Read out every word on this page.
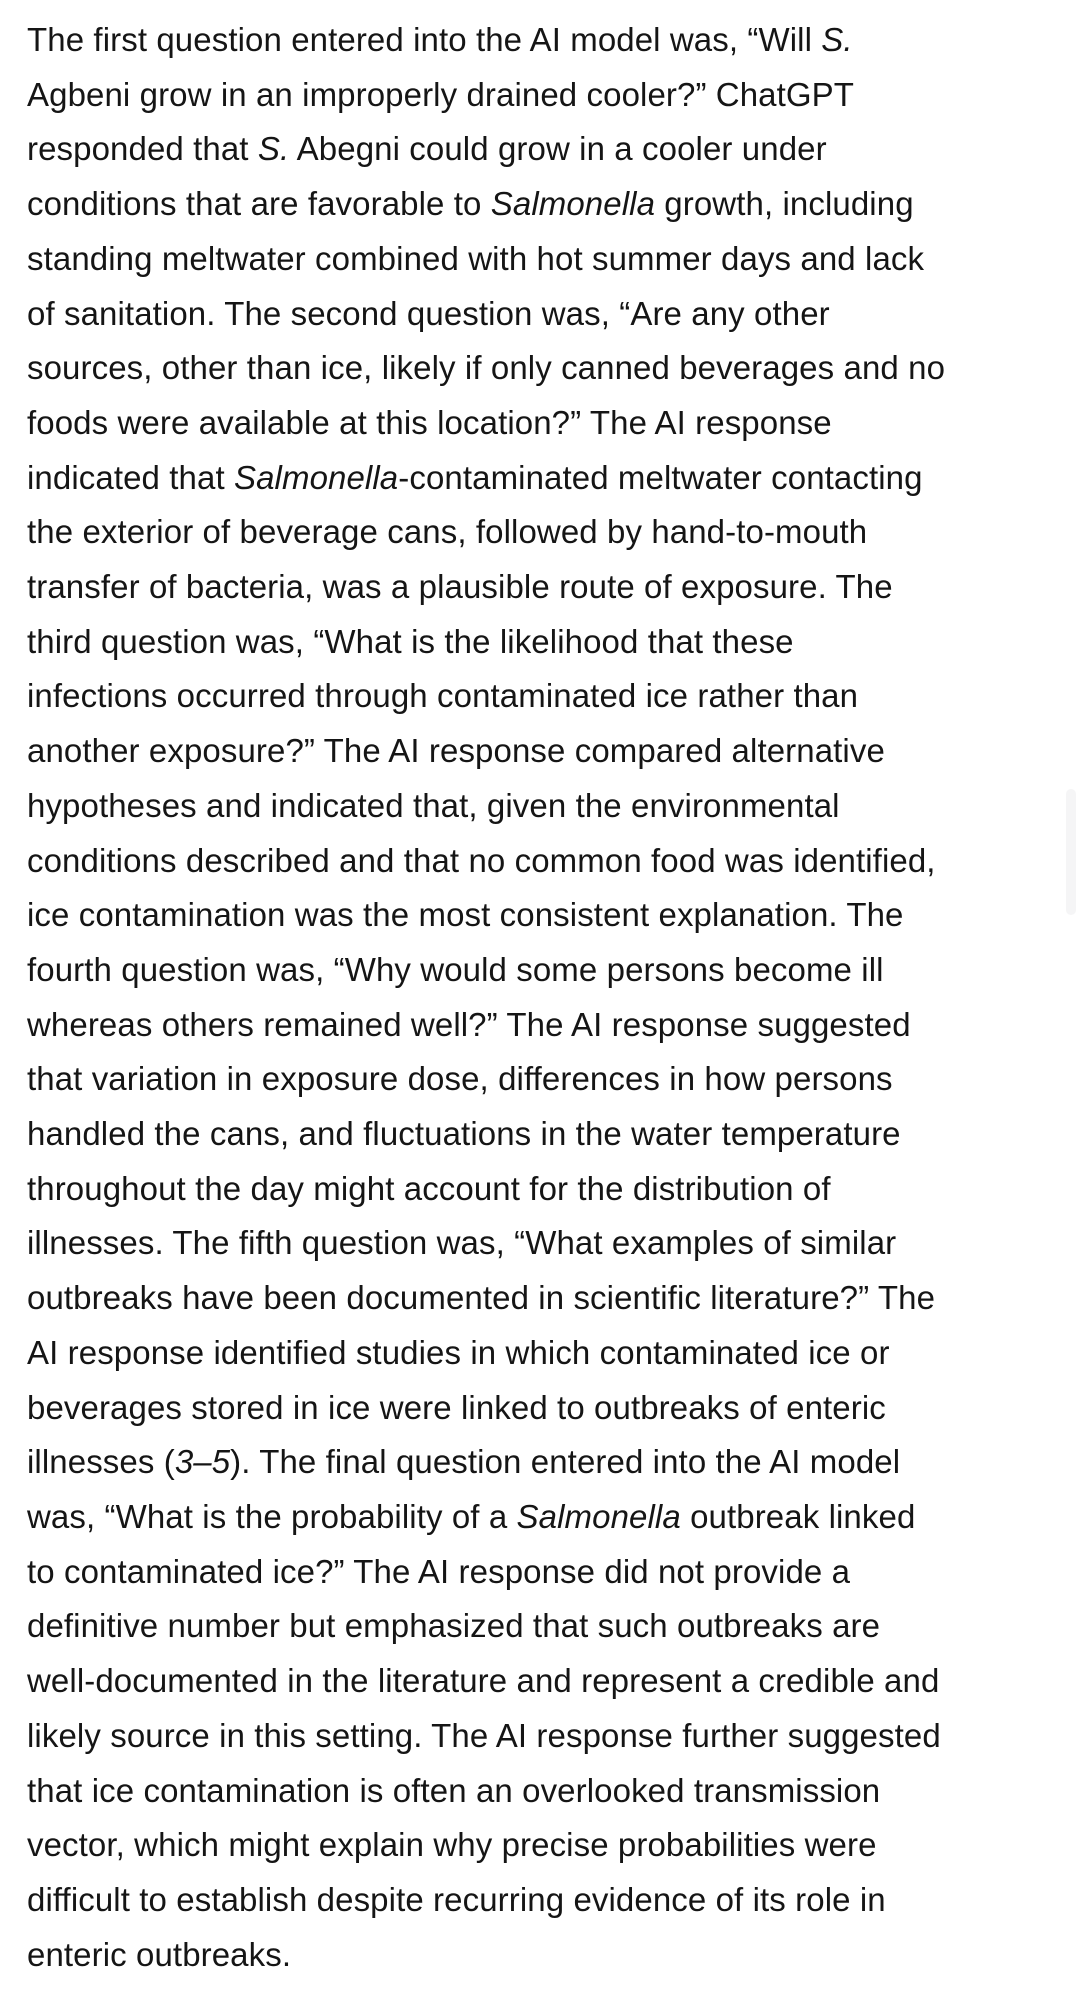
The first question entered into the AI model was, “Will S.
Agbeni grow in an improperly drained cooler?” ChatGPT
responded that S. Abegni could grow in a cooler under
conditions that are favorable to Salmonella growth, including
standing meltwater combined with hot summer days and lack
of sanitation. The second question was, “Are any other
sources, other than ice, likely if only canned beverages and no
foods were available at this location?” The AI response
indicated that Salmonella-contaminated meltwater contacting
the exterior of beverage cans, followed by hand-to-mouth
transfer of bacteria, was a plausible route of exposure. The
third question was, “What is the likelihood that these
infections occurred through contaminated ice rather than
another exposure?” The AI response compared alternative
hypotheses and indicated that, given the environmental
conditions described and that no common food was identified,
ice contamination was the most consistent explanation. The
fourth question was, “Why would some persons become ill
whereas others remained well?” The AI response suggested
that variation in exposure dose, differences in how persons
handled the cans, and fluctuations in the water temperature
throughout the day might account for the distribution of
illnesses. The fifth question was, “What examples of similar
outbreaks have been documented in scientific literature?” The
AI response identified studies in which contaminated ice or
beverages stored in ice were linked to outbreaks of enteric
illnesses (3–5). The final question entered into the AI model
was, “What is the probability of a Salmonella outbreak linked
to contaminated ice?” The AI response did not provide a
definitive number but emphasized that such outbreaks are
well-documented in the literature and represent a credible and
likely source in this setting. The AI response further suggested
that ice contamination is often an overlooked transmission
vector, which might explain why precise probabilities were
difficult to establish despite recurring evidence of its role in
enteric outbreaks.
